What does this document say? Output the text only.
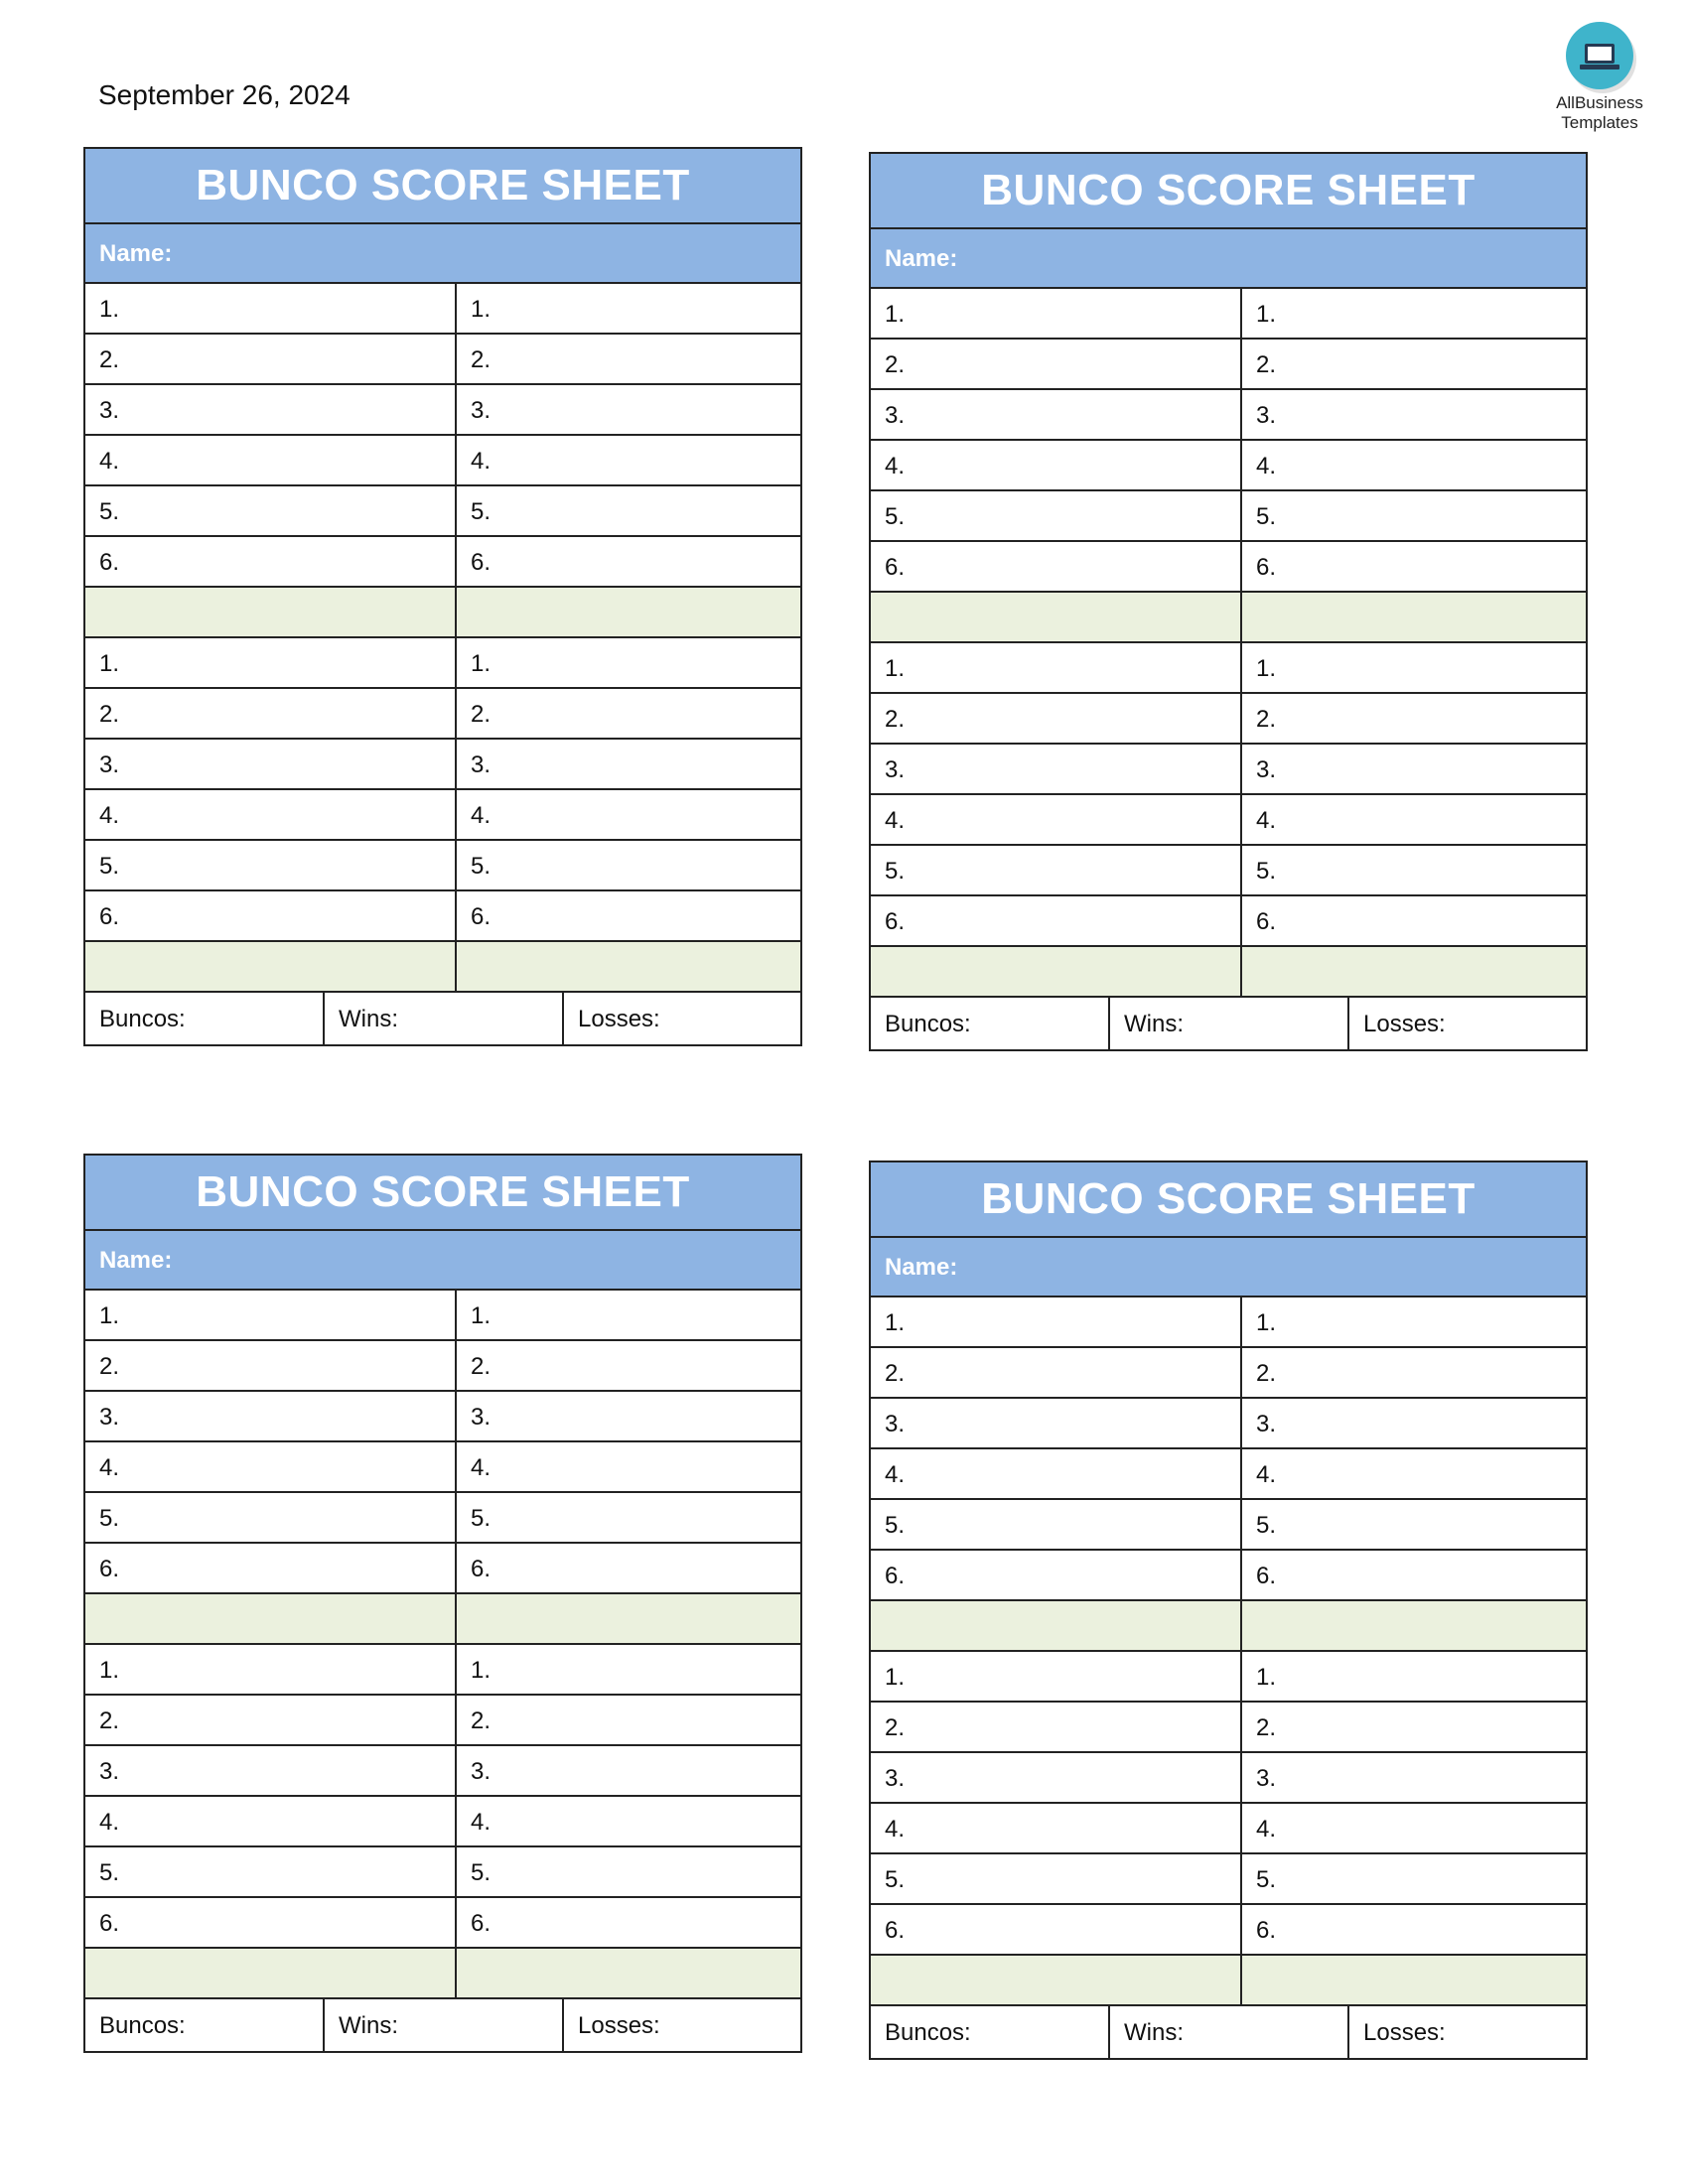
September 26, 2024	AllBusiness
Templates
BUNCO SCORE SHEET
Name:
1.	1.
2.	2.
3.	3.
4.	4.
5.	5.
6.	6.
1.	1.
2.	2.
3.	3.
4.	4.
5.	5.
6.	6.
Buncos:	Wins:	Losses:
BUNCO SCORE SHEET
Name:
1.	1.
2.	2.
3.	3.
4.	4.
5.	5.
6.	6.
1.	1.
2.	2.
3.	3.
4.	4.
5.	5.
6.	6.
Buncos:	Wins:	Losses:
BUNCO SCORE SHEET
Name:
1.	1.
2.	2.
3.	3.
4.	4.
5.	5.
6.	6.
1.	1.
2.	2.
3.	3.
4.	4.
5.	5.
6.	6.
Buncos:	Wins:	Losses:
BUNCO SCORE SHEET
Name:
1.	1.
2.	2.
3.	3.
4.	4.
5.	5.
6.	6.
1.	1.
2.	2.
3.	3.
4.	4.
5.	5.
6.	6.
Buncos:	Wins:	Losses:
